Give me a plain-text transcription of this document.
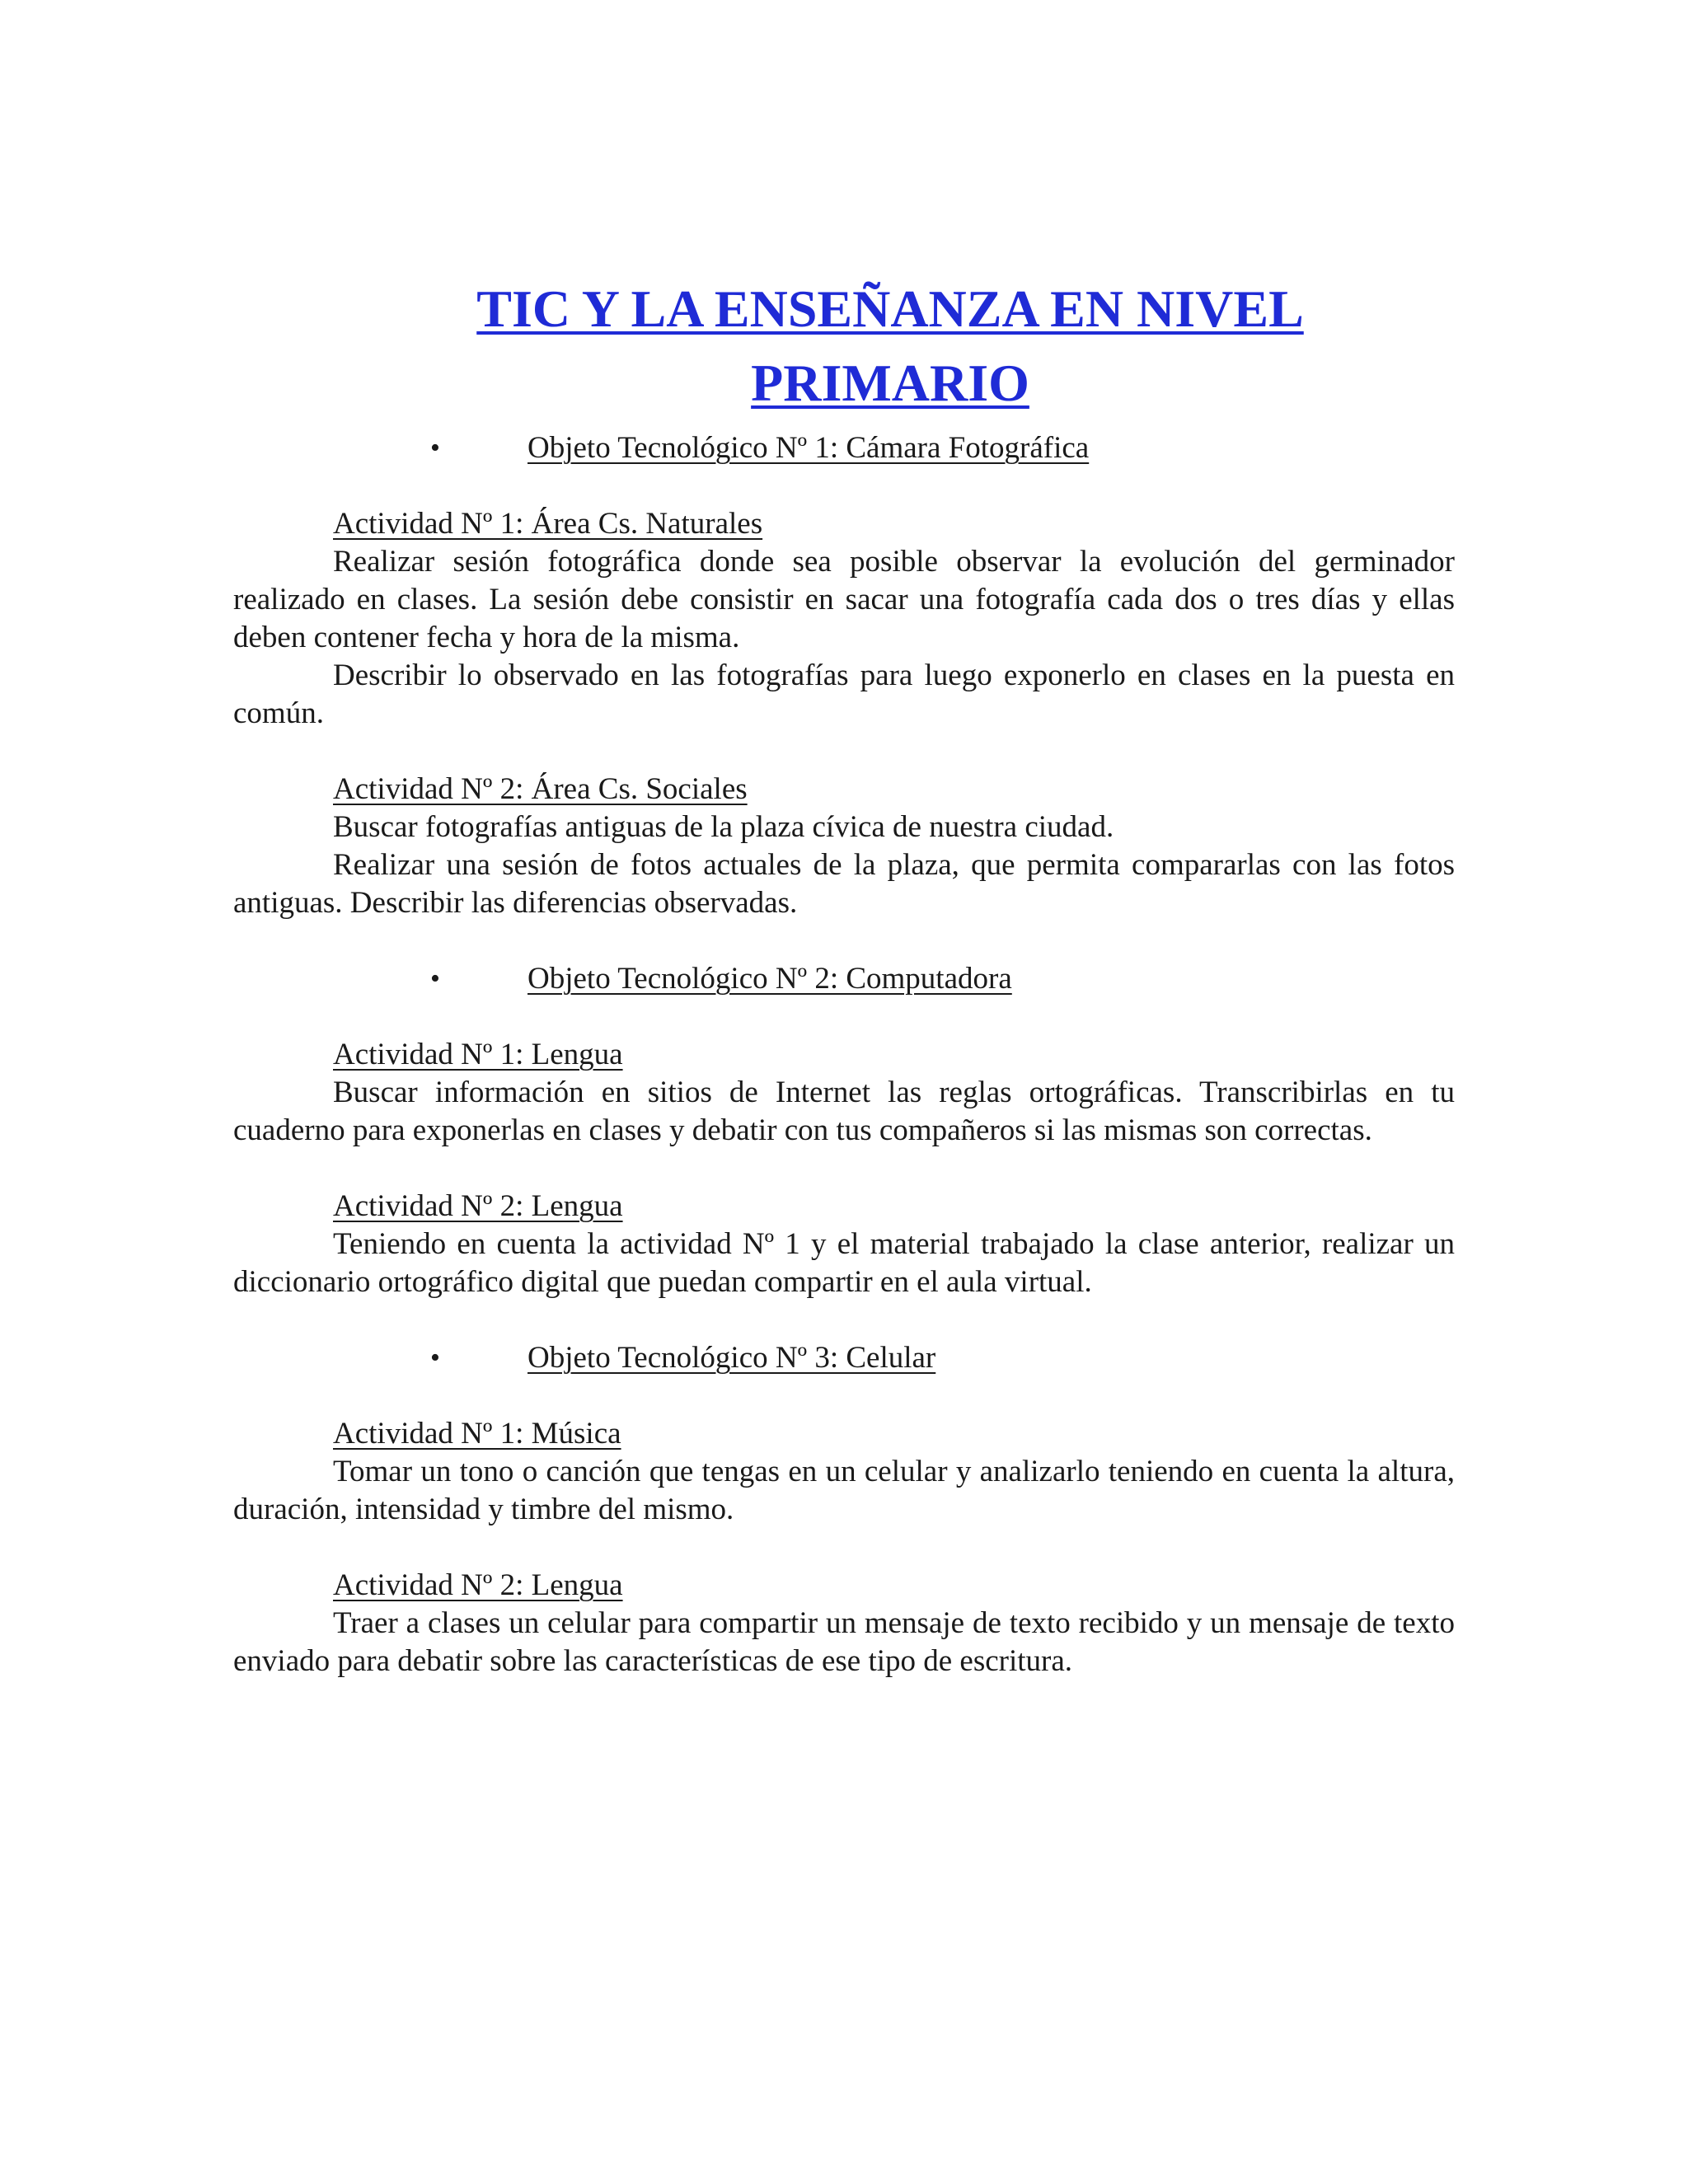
TIC Y LA ENSEÑANZA EN NIVEL
PRIMARIO
•	Objeto Tecnológico Nº 1: Cámara Fotográfica
Actividad Nº 1: Área Cs. Naturales

Realizar sesión fotográfica donde sea posible observar la evolución del germinador realizado en clases. La sesión debe consistir en sacar una fotografía cada dos o tres días y ellas deben contener fecha y hora de la misma.

Describir lo observado en las fotografías para luego exponerlo en clases en la puesta en común.

Actividad Nº 2: Área Cs. Sociales

Buscar fotografías antiguas de la plaza cívica de nuestra ciudad.

Realizar una sesión de fotos actuales de la plaza, que permita compararlas con las fotos antiguas. Describir las diferencias observadas.

•	Objeto Tecnológico Nº 2: Computadora
Actividad Nº 1: Lengua

Buscar información en sitios de Internet las reglas ortográficas. Transcribirlas en tu cuaderno para exponerlas en clases y debatir con tus compañeros si las mismas son correctas.

Actividad Nº 2: Lengua

Teniendo en cuenta la actividad Nº 1 y el material trabajado la clase anterior, realizar un diccionario ortográfico digital que puedan compartir en el aula virtual.

•	Objeto Tecnológico Nº 3: Celular
Actividad Nº 1: Música

Tomar un tono o canción que tengas en un celular y analizarlo teniendo en cuenta la altura, duración, intensidad y timbre del mismo.

Actividad Nº 2: Lengua

Traer a clases un celular para compartir un mensaje de texto recibido y un mensaje de texto enviado para debatir sobre las características de ese tipo de escritura.
